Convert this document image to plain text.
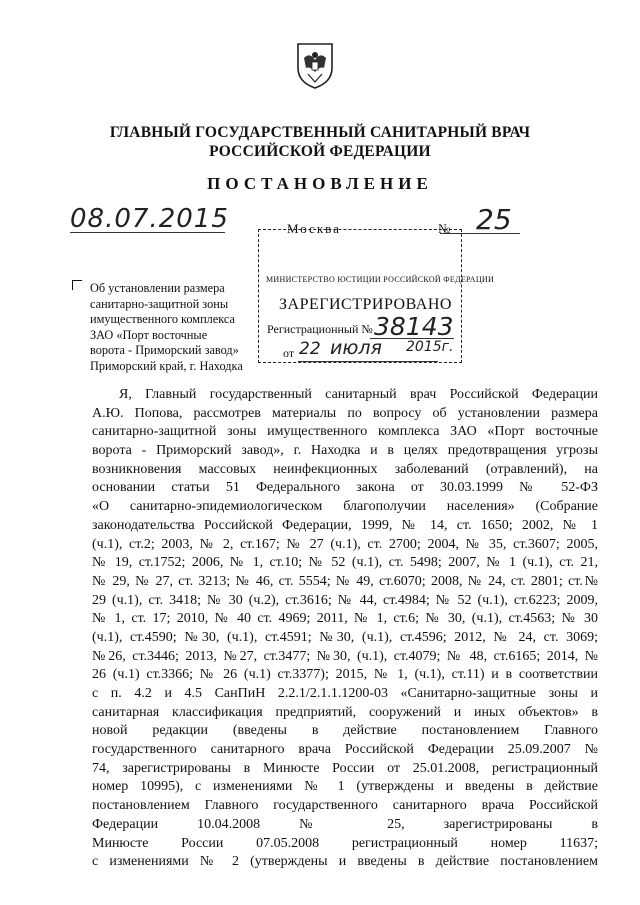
ГЛАВНЫЙ ГОСУДАРСТВЕННЫЙ САНИТАРНЫЙ ВРАЧ
РОССИЙСКОЙ ФЕДЕРАЦИИ
ПОСТАНОВЛЕНИЕ
08.07.2015	Москва	№ 25
МИНИСТЕРСТВО ЮСТИЦИИ РОССИЙСКОЙ ФЕДЕРАЦИИ
ЗАРЕГИСТРИРОВАНО
Регистрационный № 38143
от 22 июля 2015г.
Об установлении размера
санитарно-защитной зоны
имущественного комплекса
ЗАО «Порт восточные
ворота - Приморский завод»
Приморский край, г. Находка
Я, Главный государственный санитарный врач Российской Федерации
А.Ю. Попова, рассмотрев материалы по вопросу об установлении размера
санитарно-защитной зоны имущественного комплекса ЗАО «Порт восточные
ворота - Приморский завод», г. Находка и в целях предотвращения угрозы
возникновения массовых неинфекционных заболеваний (отравлений), на
основании статьи 51 Федерального закона от 30.03.1999 № 52-ФЗ
«О санитарно-эпидемиологическом благополучии населения» (Собрание
законодательства Российской Федерации, 1999, № 14, ст. 1650; 2002, № 1
(ч.1), ст.2; 2003, № 2, ст.167; № 27 (ч.1), ст. 2700; 2004, № 35, ст.3607; 2005,
№ 19, ст.1752; 2006, № 1, ст.10; № 52 (ч.1), ст. 5498; 2007, № 1 (ч.1), ст. 21,
№ 29, № 27, ст. 3213; № 46, ст. 5554; № 49, ст.6070; 2008, № 24, ст. 2801; ст.№
29 (ч.1), ст. 3418; № 30 (ч.2), ст.3616; № 44, ст.4984; № 52 (ч.1), ст.6223; 2009,
№ 1, ст. 17; 2010, № 40 ст. 4969; 2011, № 1, ст.6; № 30, (ч.1), ст.4563; № 30
(ч.1), ст.4590; №30, (ч.1), ст.4591; №30, (ч.1), ст.4596; 2012, № 24, ст. 3069;
№26, ст.3446; 2013, №27, ст.3477; №30, (ч.1), ст.4079; № 48, ст.6165; 2014, №
26 (ч.1) ст.3366; № 26 (ч.1) ст.3377); 2015, № 1, (ч.1), ст.11) и в соответствии
с п. 4.2 и 4.5 СанПиН 2.2.1/2.1.1.1200-03 «Санитарно-защитные зоны и
санитарная классификация предприятий, сооружений и иных объектов» в
новой редакции (введены в действие постановлением Главного
государственного санитарного врача Российской Федерации 25.09.2007 №
74, зарегистрированы в Минюсте России от 25.01.2008, регистрационный
номер 10995), с изменениями № 1 (утверждены и введены в действие
постановлением Главного государственного санитарного врача Российской
Федерации 10.04.2008 № 25, зарегистрированы в
Минюсте России 07.05.2008 регистрационный номер 11637;
с изменениями № 2 (утверждены и введены в действие постановлением
